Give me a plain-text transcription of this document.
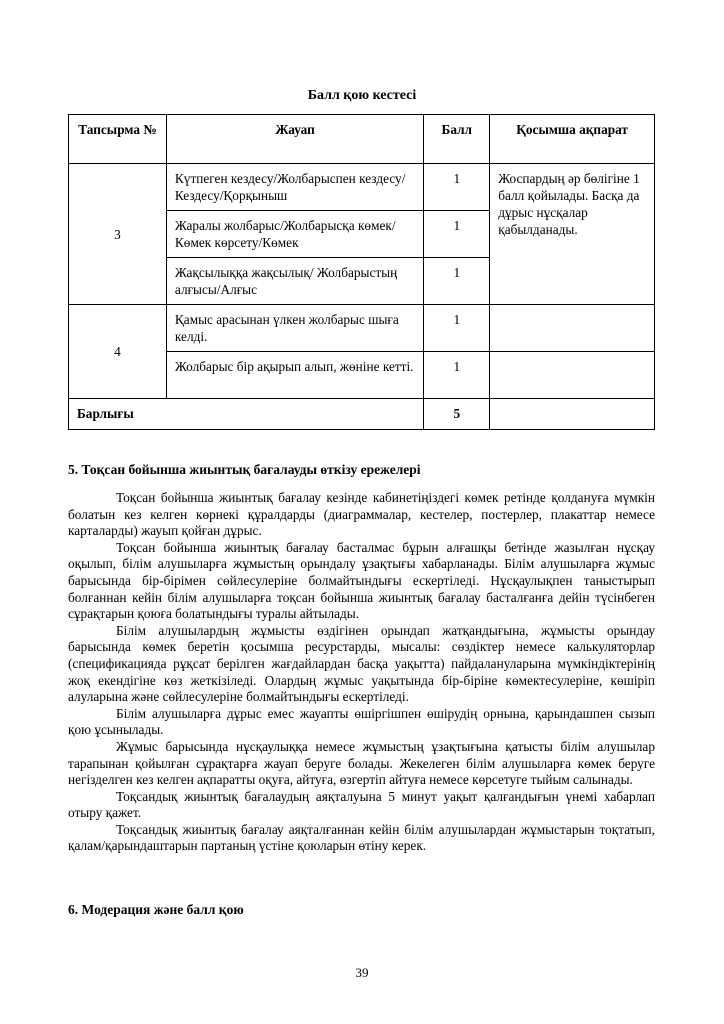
Балл қою кестесі
Тапсырма №	Жауап	Балл	Қосымша ақпарат
3	Күтпеген кездесу/Жолбарыспен кездесу/Кездесу/Қорқыныш	1	Жоспардың әр бөлігіне 1 балл қойылады. Басқа да дұрыс нұсқалар қабылданады.
	Жаралы жолбарыс/Жолбарысқа көмек/Көмек көрсету/Көмек	1	
	Жақсылыққа жақсылық/ Жолбарыстың алғысы/Алғыс	1	
4	Қамыс арасынан үлкен жолбарыс шыға келді.	1	
	Жолбарыс бір ақырып алып, жөніне кетті.	1	
Барлығы		5	
5. Тоқсан бойынша жиынтық бағалауды өткізу ережелері

Тоқсан бойынша жиынтық бағалау кезінде кабинетіңіздегі көмек ретінде қолдануға мүмкін болатын кез келген көрнекі құралдарды (диаграммалар, кестелер, постерлер, плакаттар немесе карталарды) жауып қойған дұрыс.

Тоқсан бойынша жиынтық бағалау басталмас бұрын алғашқы бетінде жазылған нұсқау оқылып, білім алушыларға жұмыстың орындалу ұзақтығы хабарланады. Білім алушыларға жұмыс барысында бір-бірімен сөйлесулеріне болмайтындығы ескертіледі. Нұсқаулықпен таныстырып болғаннан кейін білім алушыларға тоқсан бойынша жиынтық бағалау басталғанға дейін түсінбеген сұрақтарын қоюға болатындығы туралы айтылады.

Білім алушылардың жұмысты өздігінен орындап жатқандығына, жұмысты орындау барысында көмек беретін қосымша ресурстарды, мысалы: сөздіктер немесе калькуляторлар (спецификацияда рұқсат берілген жағдайлардан басқа уақытта) пайдалануларына мүмкіндіктерінің жоқ екендігіне көз жеткізіледі. Олардың жұмыс уақытында бір-біріне көмектесулеріне, көшіріп алуларына және сөйлесулеріне болмайтындығы ескертіледі.

Білім алушыларға дұрыс емес жауапты өшіргішпен өшірудің орнына, қарындашпен сызып қою ұсынылады.

Жұмыс барысында нұсқаулыққа немесе жұмыстың ұзақтығына қатысты білім алушылар тарапынан қойылған сұрақтарға жауап беруге болады. Жекелеген білім алушыларға көмек беруге негізделген кез келген ақпаратты оқуға, айтуға, өзгертіп айтуға немесе көрсетуге тыйым салынады.

Тоқсандық жиынтық бағалаудың аяқталуына 5 минут уақыт қалғандығын үнемі хабарлап отыру қажет.

Тоқсандық жиынтық бағалау аяқталғаннан кейін білім алушылардан жұмыстарын тоқтатып, қалам/қарындаштарын партаның үстіне қоюларын өтіну керек.

6. Модерация және балл қою
39
